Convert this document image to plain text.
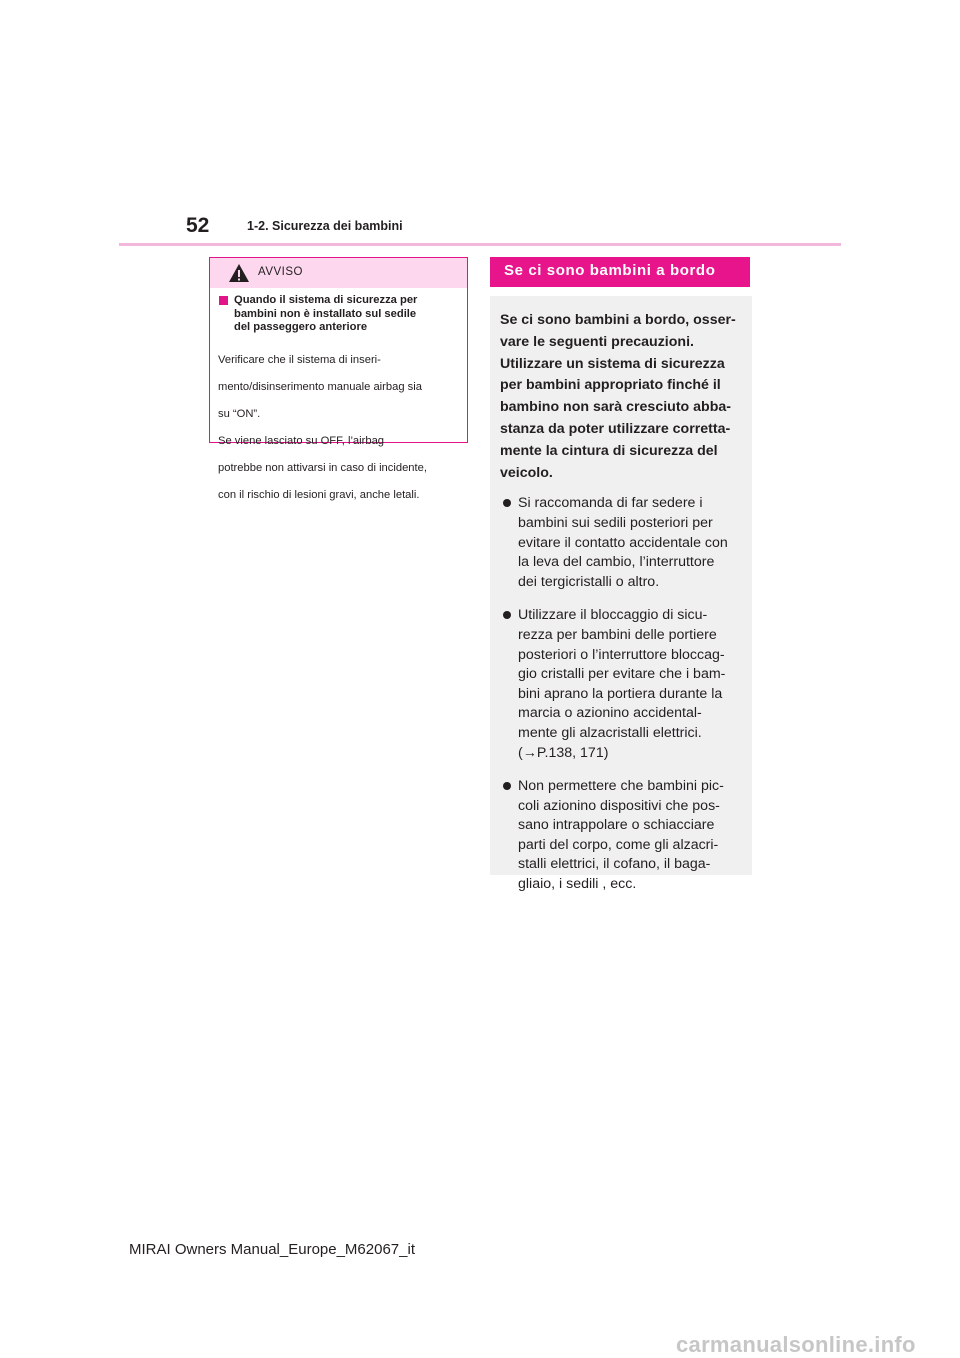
52	1-2. Sicurezza dei bambini
AVVISO
Quando il sistema di sicurezza per
bambini non è installato sul sedile
del passeggero anteriore

Verificare che il sistema di inseri-

mento/disinserimento manuale airbag sia

su “ON”.

Se viene lasciato su OFF, l’airbag

potrebbe non attivarsi in caso di incidente,

con il rischio di lesioni gravi, anche letali.

Se ci sono bambini a bordo

Se ci sono bambini a bordo, osser-

vare le seguenti precauzioni.

Utilizzare un sistema di sicurezza

per bambini appropriato finché il

bambino non sarà cresciuto abba-

stanza da poter utilizzare corretta-

mente la cintura di sicurezza del

veicolo.

Si raccomanda di far sedere i
bambini sui sedili posteriori per
evitare il contatto accidentale con
la leva del cambio, l’interruttore
dei tergicristalli o altro.
Utilizzare il bloccaggio di sicu-
rezza per bambini delle portiere
posteriori o l’interruttore bloccag-
gio cristalli per evitare che i bam-
bini aprano la portiera durante la
marcia o azionino accidental-
mente gli alzacristalli elettrici.
(→P.138, 171)
Non permettere che bambini pic-
coli azionino dispositivi che pos-
sano intrappolare o schiacciare
parti del corpo, come gli alzacri-
stalli elettrici, il cofano, il baga-
gliaio, i sedili , ecc.
MIRAI Owners Manual_Europe_M62067_it
carmanualsonline.info
